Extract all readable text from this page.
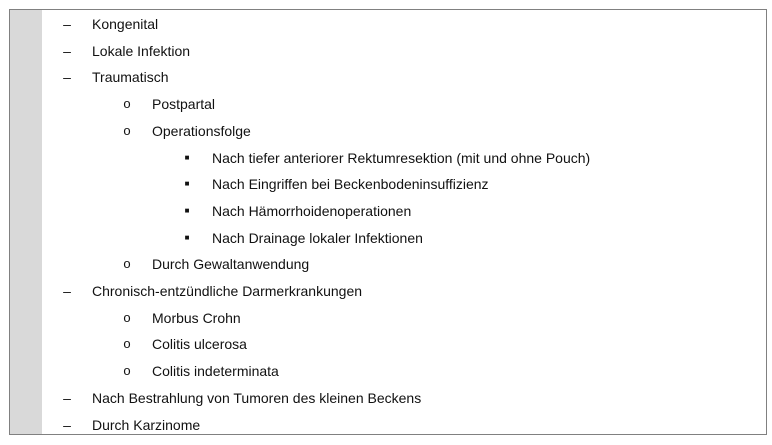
– Kongenital
– Lokale Infektion
– Traumatisch
o Postpartal
o Operationsfolge
■	Nach tiefer anteriorer Rektumresektion (mit und ohne Pouch)
■	Nach Eingriffen bei Beckenbodeninsuffizienz
■	Nach Hämorrhoidenoperationen
■	Nach Drainage lokaler Infektionen
o Durch Gewaltanwendung
– Chronisch-entzündliche Darmerkrankungen
o Morbus Crohn
o Colitis ulcerosa
o Colitis indeterminata
– Nach Bestrahlung von Tumoren des kleinen Beckens
– Durch Karzinome
